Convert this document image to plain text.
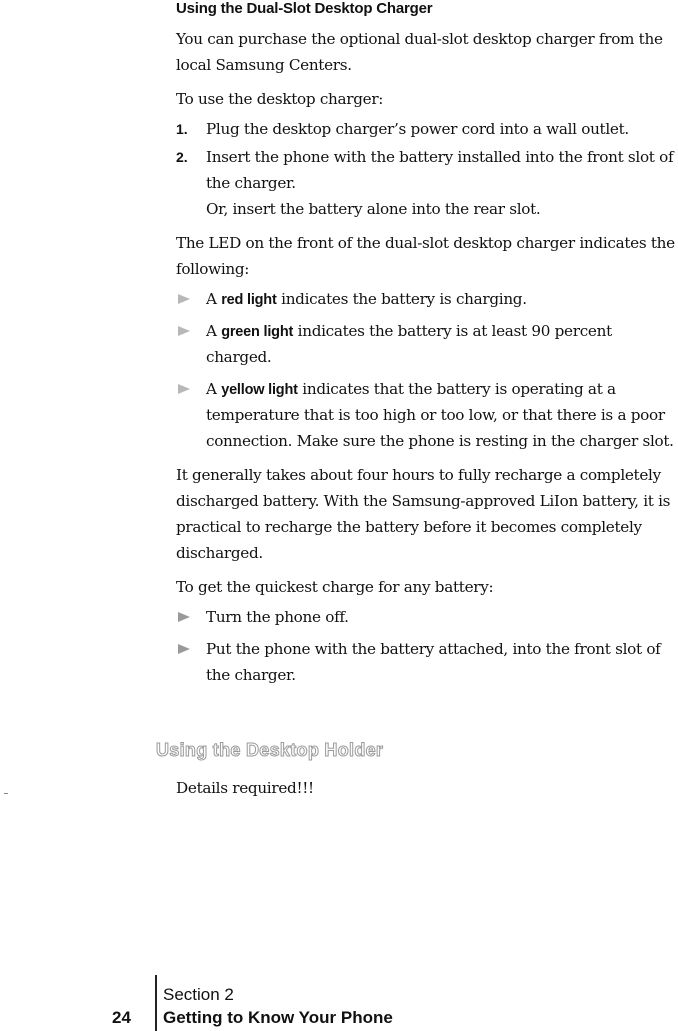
Using the Dual-Slot Desktop Charger

You can purchase the optional dual-slot desktop charger from the local Samsung Centers.

To use the desktop charger:

1. Plug the desktop charger’s power cord into a wall outlet.
2. Insert the phone with the battery installed into the front slot of the charger.
Or, insert the battery alone into the rear slot.

The LED on the front of the dual-slot desktop charger indicates the following:

A red light indicates the battery is charging.
A green light indicates the battery is at least 90 percent charged.
A yellow light indicates that the battery is operating at a temperature that is too high or too low, or that there is a poor connection. Make sure the phone is resting in the charger slot.

It generally takes about four hours to fully recharge a completely discharged battery. With the Samsung-approved LiIon battery, it is practical to recharge the battery before it becomes completely discharged.

To get the quickest charge for any battery:

Turn the phone off.
Put the phone with the battery attached, into the front slot of the charger.
Using the Desktop Holder
Details required!!!
24
Section 2
Getting to Know Your Phone
